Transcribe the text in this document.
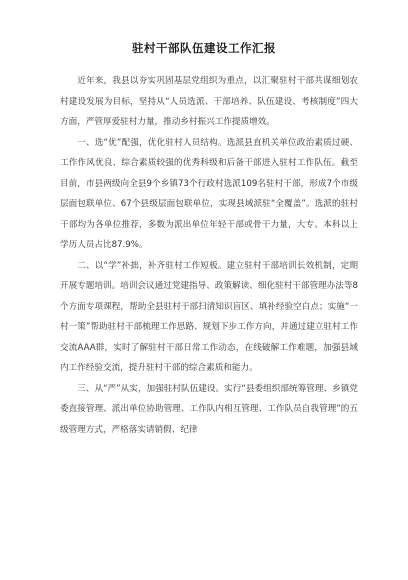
驻村干部队伍建设工作汇报

近年来，我县以夯实巩固基层党组织为重点，以汇聚驻村干部共谋细划农村建设发展为目标，坚持从“人员选派、干部培养、队伍建设、考核制度”四大方面，严管厚爱驻村力量，推动乡村振兴工作提质增效。

一、选“优”配强，优化驻村人员结构。选派县直机关单位政治素质过硬、工作作风优良、综合素质较强的优秀科级和后备干部进入驻村工作队伍。截至目前，市县两级向全县9个乡镇73个行政村选派109名驻村干部，形成7个市级层面包联单位、67个县级层面包联单位，实现县域派驻“全覆盖”。选派的驻村干部均为各单位推荐，多数为派出单位年轻干部或骨干力量，大专、本科以上学历人员占比87.9%。

二、以“学”补拙，补齐驻村工作短板。建立驻村干部培训长效机制，定期开展专题培训。培训会议通过党建指导、政策解读、细化驻村干部管理办法等8个方面专项课程，帮助全县驻村干部扫清知识盲区、填补经验空白点；实施“一村一策”帮助驻村干部梳理工作思路、规划下步工作方向，并通过建立驻村工作交流AAA群，实时了解驻村干部日常工作动态，在线破解工作难题，加强县域内工作经验交流，提升驻村干部的综合素质和能力。

三、从“严”从实，加强驻村队伍建设。实行“县委组织部统筹管理、乡镇党委直接管理、派出单位协助管理、工作队内相互管理、工作队员自我管理”的五级管理方式，严格落实请销假、纪律
